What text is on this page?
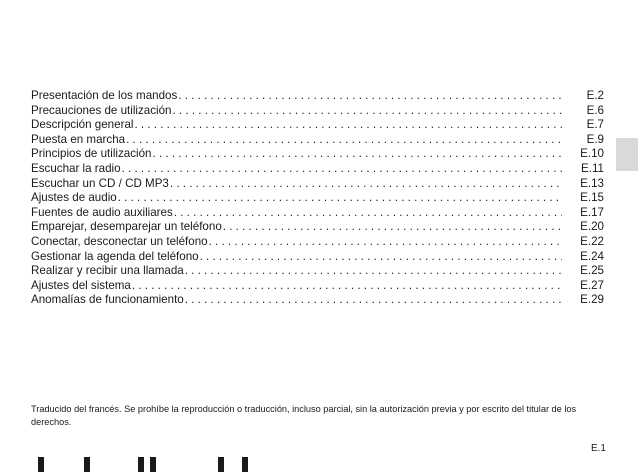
Presentación de los mandos . . .	E.2
Precauciones de utilización . . .	E.6
Descripción general . . .	E.7
Puesta en marcha . . .	E.9
Principios de utilización . . .	E.10
Escuchar la radio . . .	E.11
Escuchar un CD / CD MP3 . . .	E.13
Ajustes de audio . . .	E.15
Fuentes de audio auxiliares . . .	E.17
Emparejar, desemparejar un teléfono . . .	E.20
Conectar, desconectar un teléfono . . .	E.22
Gestionar la agenda del teléfono . . .	E.24
Realizar y recibir una llamada . . .	E.25
Ajustes del sistema . . .	E.27
Anomalías de funcionamiento . . .	E.29

Traducido del francés. Se prohíbe la reproducción o traducción, incluso parcial, sin la autorización previa y por escrito del titular de los derechos.

E.1
